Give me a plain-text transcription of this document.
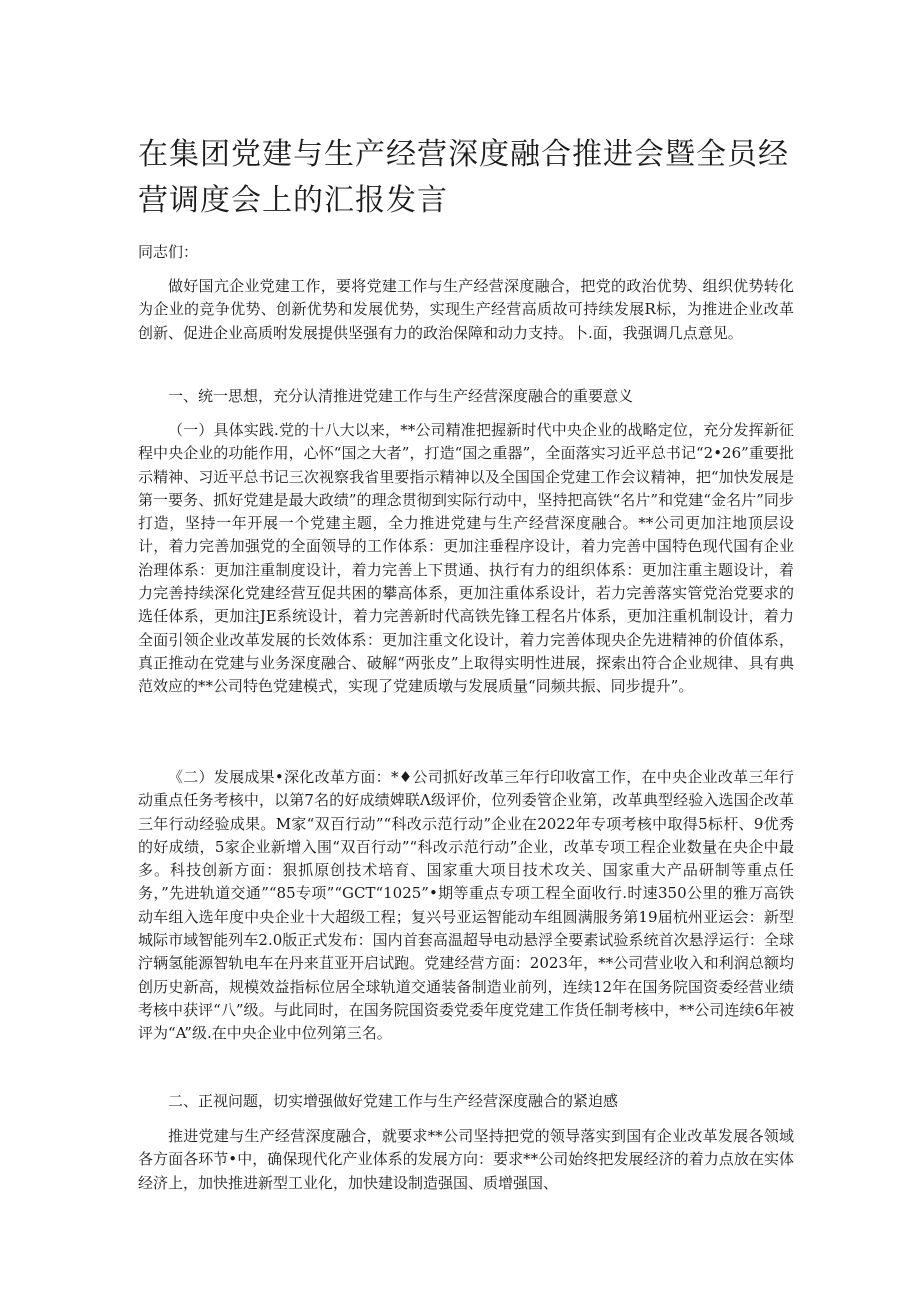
在集团党建与生产经营深度融合推进会暨全员经营调度会上的汇报发言

同志们：

做好国亢企业党建工作，要将党建工作与生产经营深度融合，把党的政治优势、组织优势转化为企业的竞争优势、创新优势和发展优势，实现生产经营高质故可持续发展R标，为推进企业改革创新、促进企业高质咐发展提供坚强有力的政治保障和动力支持。卜.面，我强调几点意见。

一、统一思想，充分认清推进党建工作与生产经营深度融合的重要意义

（一）具体实践.党的十八大以来，**公司精准把握新时代中央企业的战略定位，充分发挥新征程中央企业的功能作用，心怀“国之大者”，打造“国之重器”，全面落实习近平总书记“2•26”重要批示精神、习近平总书记三次视察我省里要指示精神以及全国国企党建工作会议精神，把“加快发展是第一要务、抓好党建是最大政绩”的理念贯彻到实际行动中，坚持把高铁“名片”和党建“金名片”同步打造，坚持一年开展一个党建主题，全力推进党建与生产经营深度融合。**公司更加注地顶层设计，着力完善加强党的全面领导的工作体系：更加注垂程序设计，着力完善中国特色现代国有企业治理体系：更加注重制度设计，着力完善上下贯通、执行有力的组织体系：更加注重主题设计，着力完善持续深化党建经营互促共困的攀高体系，更加注重体系设计，若力完善落实管党治党要求的选任体系，更加注JE系统设计，着力完善新时代高铁先锋工程名片体系，更加注重机制设计，着力全面引领企业改革发展的长效体系：更加注重文化设计，着力完善体现央企先进精神的价值体系，真正推动在党建与业务深度融合、破解“两张皮”上取得实明性进展，探索出符合企业规律、具有典范效应的**公司特色党建模式，实现了党建质墩与发展质量“同频共振、同步提升”。

《二）发展成果•深化改革方面：*♦公司抓好改革三年行印收富工作，在中央企业改革三年行动重点任务考核中，以第7名的好成绩婢联Λ级评价，位列委管企业第，改革典型经验入选国企改革三年行动经验成果。M家“双百行动”“科改示范行动”企业在2022年专项考核中取得5标杆、9优秀的好成绩，5家企业新增入围“双百行动”“科改示范行动”企业，改革专项工程企业数量在央企中最多。科技创新方面：狠抓原创技术培育、国家重大项目技术攻关、国家重大产品研制等重点任务，”先进轨道交通”“85专项”“GCT“1025”•期等重点专项工程全面收行.时速350公里的雅万高铁动车组入选年度中央企业十大超级工程；复兴号亚运智能动车组圆满服务第19届杭州亚运会：新型城际市域智能列车2.0版正式发布：国内首套高温超导电动悬浮全要素试验系统首次悬浮运行：全球泞辆氢能源智轨电车在丹来苴亚开启试跑。党建经营方面：2023年，**公司营业收入和利润总额均创历史新高，规模效益指标位居全球轨道交通装备制造业前列，连续12年在国务院国资委经营业绩考核中获评“八”级。与此同时，在国务院国资委党委年度党建工作货任制考核中，**公司连续6年被评为“A”级.在中央企业中位列第三名。

二、正视问题，切实增强做好党建工作与生产经营深度融合的紧迫感

推进党建与生产经营深度融合，就要求**公司坚持把党的领导落实到国有企业改革发展各领域各方面各环节•中，确保现代化产业体系的发展方向：要求**公司始终把发展经济的着力点放在实体经济上，加快推进新型工业化，加快建设制造强国、质增强国、
